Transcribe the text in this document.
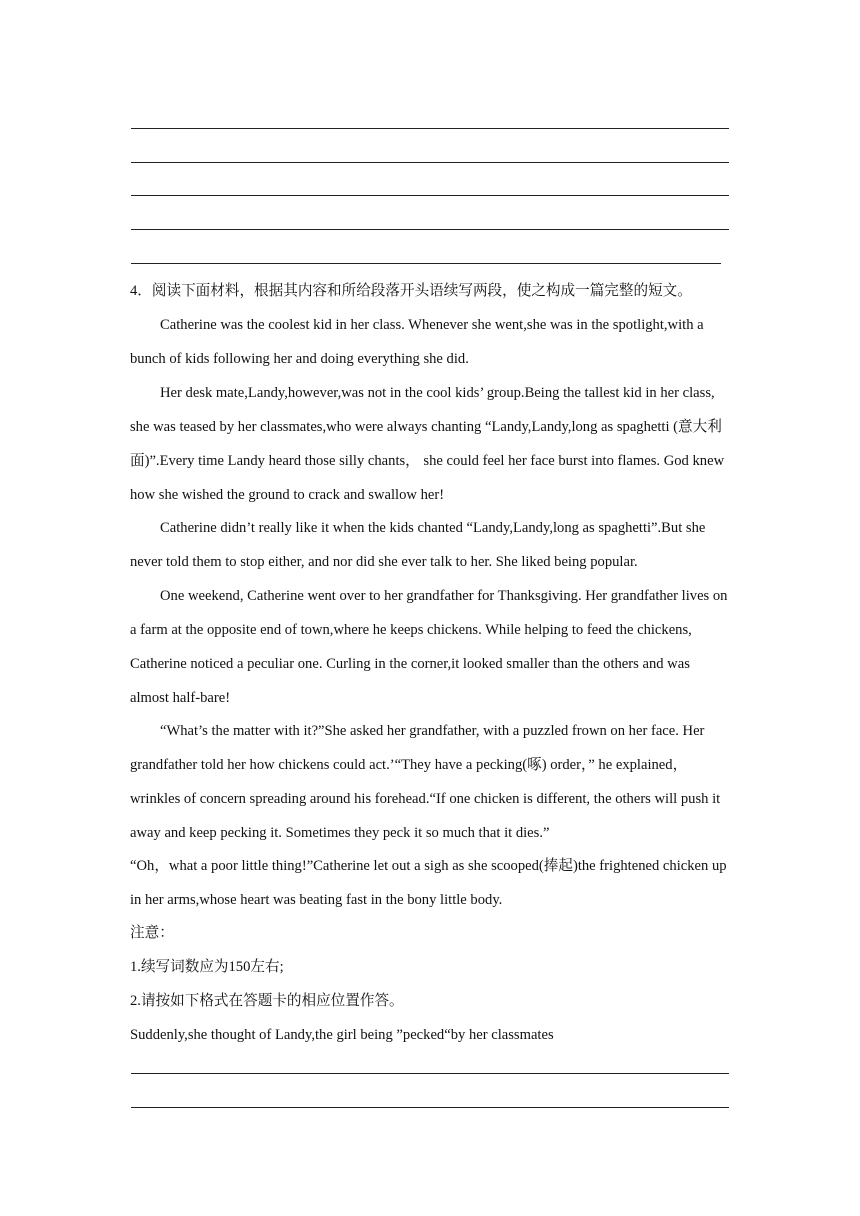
4．阅读下面材料，根据其内容和所给段落开头语续写两段，使之构成一篇完整的短文。

Catherine was the coolest kid in her class. Whenever she went,she was in the spotlight,with a bunch of kids following her and doing everything she did.

Her desk mate,Landy,however,was not in the cool kids’ group.Being the tallest kid in her class, she was teased by her classmates,who were always chanting “Landy,Landy,long as spaghetti (意大利面)”.Every time Landy heard those silly chants， she could feel her face burst into flames. God knew how she wished the ground to crack and swallow her!

Catherine didn’t really like it when the kids chanted “Landy,Landy,long as spaghetti”.But she never told them to stop either, and nor did she ever talk to her. She liked being popular.

One weekend, Catherine went over to her grandfather for Thanksgiving. Her grandfather lives on a farm at the opposite end of town,where he keeps chickens. While helping to feed the chickens, Catherine noticed a peculiar one. Curling in the corner,it looked smaller than the others and was almost half-bare!

“What’s the matter with it?”She asked her grandfather, with a puzzled frown on her face. Her grandfather told her how chickens could act.’“They have a pecking(啄) order，” he explained，wrinkles of concern spreading around his forehead.“If one chicken is different, the others will push it away and keep pecking it. Sometimes they peck it so much that it dies.”

“Oh，what a poor little thing!”Catherine let out a sigh as she scooped(捧起)the frightened chicken up in her arms,whose heart was beating fast in the bony little body.

注意：

1.续写词数应为150左右;

2.请按如下格式在答题卡的相应位置作答。

Suddenly,she thought of Landy,the girl being ”pecked“by her classmates
